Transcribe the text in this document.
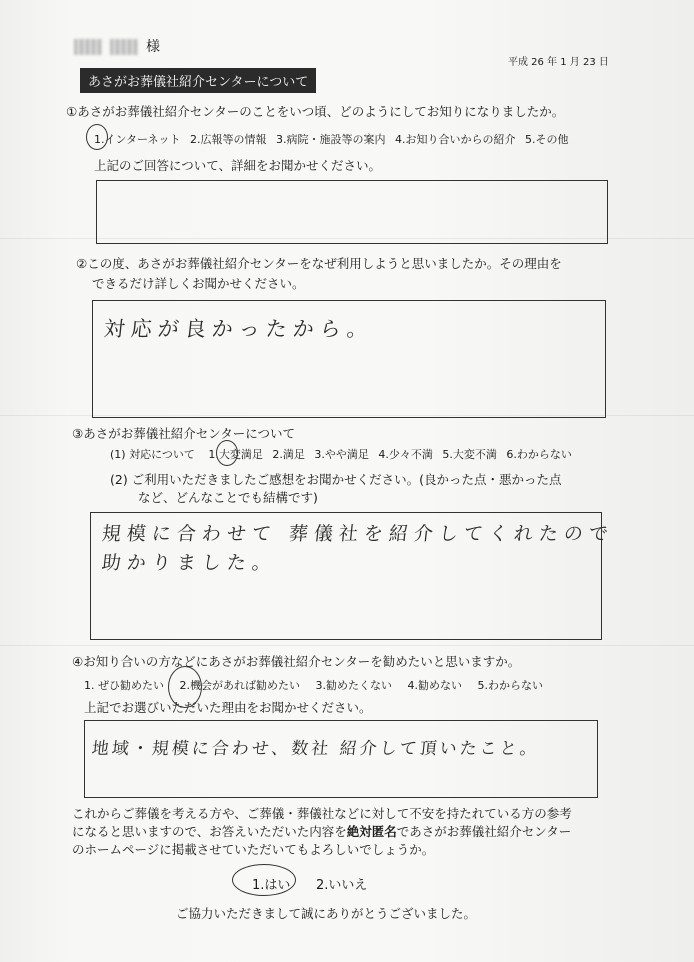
様
平成 26 年 1 月 23 日
あさがお葬儀社紹介センターについて
①あさがお葬儀社紹介センターのことをいつ頃、どのようにしてお知りになりましたか。
1.インターネット 2.広報等の情報 3.病院・施設等の案内 4.お知り合いからの紹介 5.その他
上記のご回答について、詳細をお聞かせください。
②この度、あさがお葬儀社紹介センターをなぜ利用しようと思いましたか。その理由を
できるだけ詳しくお聞かせください。
対応が良かったから。
③あさがお葬儀社紹介センターについて
(1) 対応について 1.大変満足 2.満足 3.やや満足 4.少々不満 5.大変不満 6.わからない
(2) ご利用いただきましたご感想をお聞かせください。(良かった点・悪かった点
など、どんなことでも結構です)
規模に合わせて 葬儀社を紹介してくれたので
助かりました。
④お知り合いの方などにあさがお葬儀社紹介センターを勧めたいと思いますか。
1. ぜひ勧めたい 2.機会があれば勧めたい 3.勧めたくない 4.勧めない 5.わからない
上記でお選びいただいた理由をお聞かせください。
地域・規模に合わせ、数社 紹介して頂いたこと。
これからご葬儀を考える方や、ご葬儀・葬儀社などに対して不安を持たれている方の参考
になると思いますので、お答えいただいた内容を絶対匿名であさがお葬儀社紹介センター
のホームページに掲載させていただいてもよろしいでしょうか。
1.はい 2.いいえ
ご協力いただきまして誠にありがとうございました。
